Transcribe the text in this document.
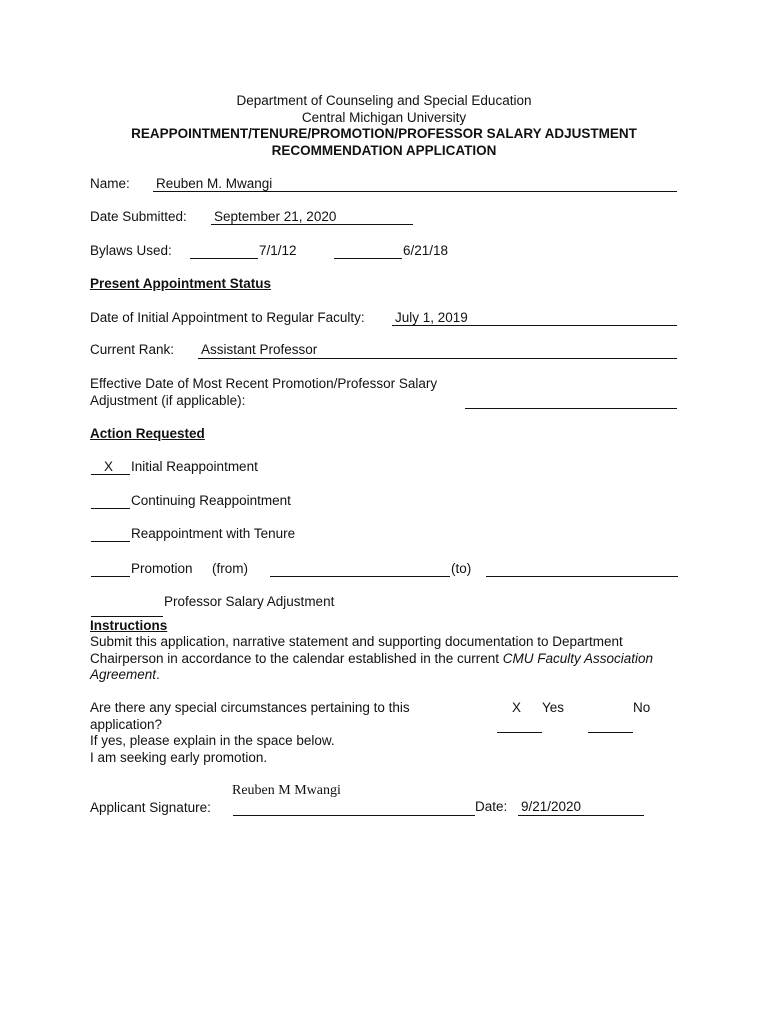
Department of Counseling and Special Education
Central Michigan University
REAPPOINTMENT/TENURE/PROMOTION/PROFESSOR SALARY ADJUSTMENT
RECOMMENDATION APPLICATION
Name: Reuben M. Mwangi
Date Submitted: September 21, 2020
Bylaws Used:	7/1/12	6/21/18
Present Appointment Status
Date of Initial Appointment to Regular Faculty: July 1, 2019
Current Rank: Assistant Professor
Effective Date of Most Recent Promotion/Professor Salary
Adjustment (if applicable):
Action Requested
X Initial Reappointment
Continuing Reappointment
Reappointment with Tenure
Promotion (from)	(to)
Professor Salary Adjustment
Instructions
Submit this application, narrative statement and supporting documentation to Department Chairperson in accordance to the calendar established in the current CMU Faculty Association Agreement.
Are there any special circumstances pertaining to this
application?
If yes, please explain in the space below.
I am seeking early promotion.
X Yes	No
Reuben M Mwangi
Applicant Signature:	Date: 9/21/2020
